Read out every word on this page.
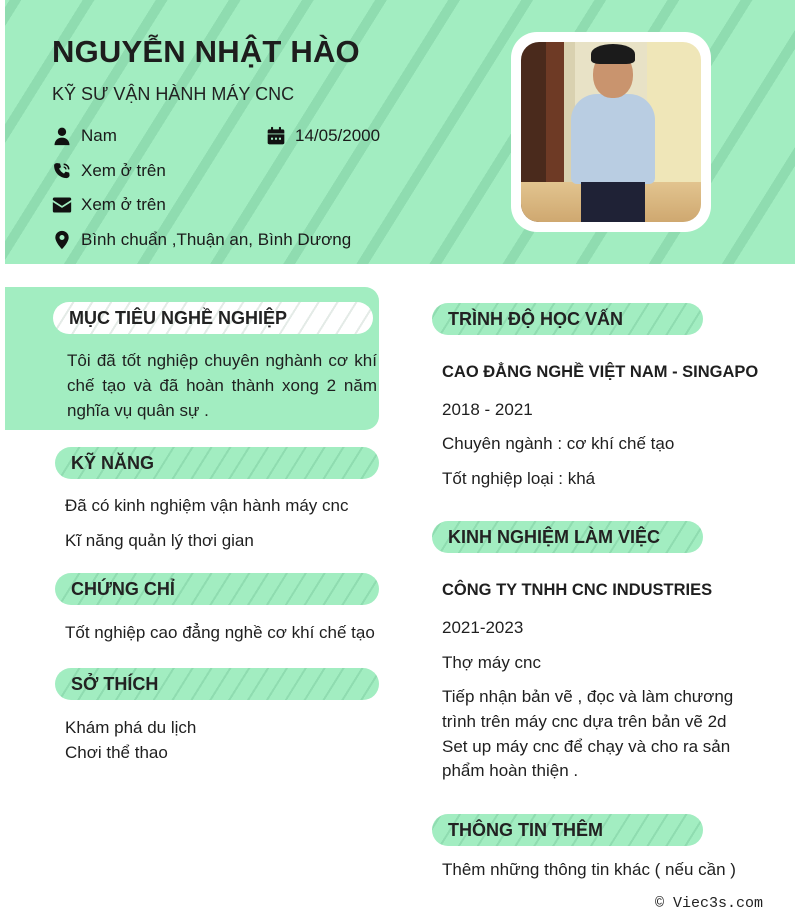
NGUYỄN NHẬT HÀO
KỸ SƯ VẬN HÀNH MÁY CNC
Nam	14/05/2000
Xem ở trên
Xem ở trên
Bình chuẩn ,Thuận an, Bình Dương
MỤC TIÊU NGHỀ NGHIỆP
Tôi đã tốt nghiệp chuyên nghành cơ khí chế tạo và đã hoàn thành xong 2 năm nghĩa vụ quân sự .
KỸ NĂNG
Đã có kinh nghiệm vận hành máy cnc
Kĩ năng quản lý thơi gian
CHỨNG CHỈ
Tốt nghiệp cao đẳng nghề cơ khí chế tạo
SỞ THÍCH
Khám phá du lịch
Chơi thể thao
TRÌNH ĐỘ HỌC VẤN
CAO ĐẲNG NGHỀ VIỆT NAM - SINGAPO
2018 - 2021
Chuyên ngành : cơ khí chế tạo
Tốt nghiệp loại : khá
KINH NGHIỆM LÀM VIỆC
CÔNG TY TNHH CNC INDUSTRIES
2021-2023
Thợ máy cnc
Tiếp nhận bản vẽ , đọc và làm chương
trình trên máy cnc dựa trên bản vẽ 2d
Set up máy cnc để chạy và cho ra sản
phẩm hoàn thiện .
THÔNG TIN THÊM
Thêm những thông tin khác ( nếu cần )
© Viec3s.com
